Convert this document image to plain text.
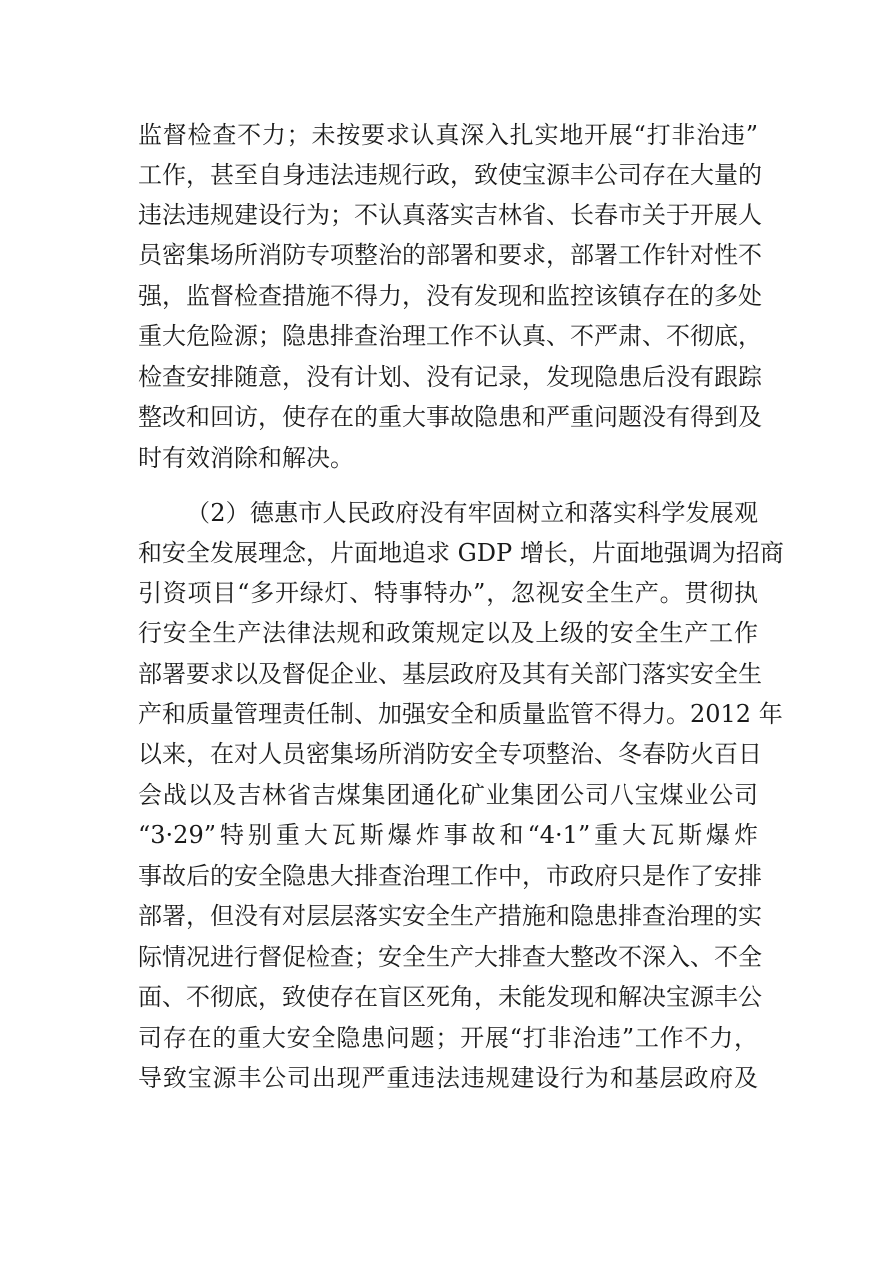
监督检查不力；未按要求认真深入扎实地开展“打非治违”
工作，甚至自身违法违规行政，致使宝源丰公司存在大量的
违法违规建设行为；不认真落实吉林省、长春市关于开展人
员密集场所消防专项整治的部署和要求，部署工作针对性不
强，监督检查措施不得力，没有发现和监控该镇存在的多处
重大危险源；隐患排查治理工作不认真、不严肃、不彻底，
检查安排随意，没有计划、没有记录，发现隐患后没有跟踪
整改和回访，使存在的重大事故隐患和严重问题没有得到及
时有效消除和解决。
（2）德惠市人民政府没有牢固树立和落实科学发展观
和安全发展理念，片面地追求 GDP 增长，片面地强调为招商
引资项目“多开绿灯、特事特办”，忽视安全生产。贯彻执
行安全生产法律法规和政策规定以及上级的安全生产工作
部署要求以及督促企业、基层政府及其有关部门落实安全生
产和质量管理责任制、加强安全和质量监管不得力。2012 年
以来，在对人员密集场所消防安全专项整治、冬春防火百日
会战以及吉林省吉煤集团通化矿业集团公司八宝煤业公司
“3·29”特别重大瓦斯爆炸事故和“4·1”重大瓦斯爆炸
事故后的安全隐患大排查治理工作中，市政府只是作了安排
部署，但没有对层层落实安全生产措施和隐患排查治理的实
际情况进行督促检查；安全生产大排查大整改不深入、不全
面、不彻底，致使存在盲区死角，未能发现和解决宝源丰公
司存在的重大安全隐患问题；开展“打非治违”工作不力，
导致宝源丰公司出现严重违法违规建设行为和基层政府及
